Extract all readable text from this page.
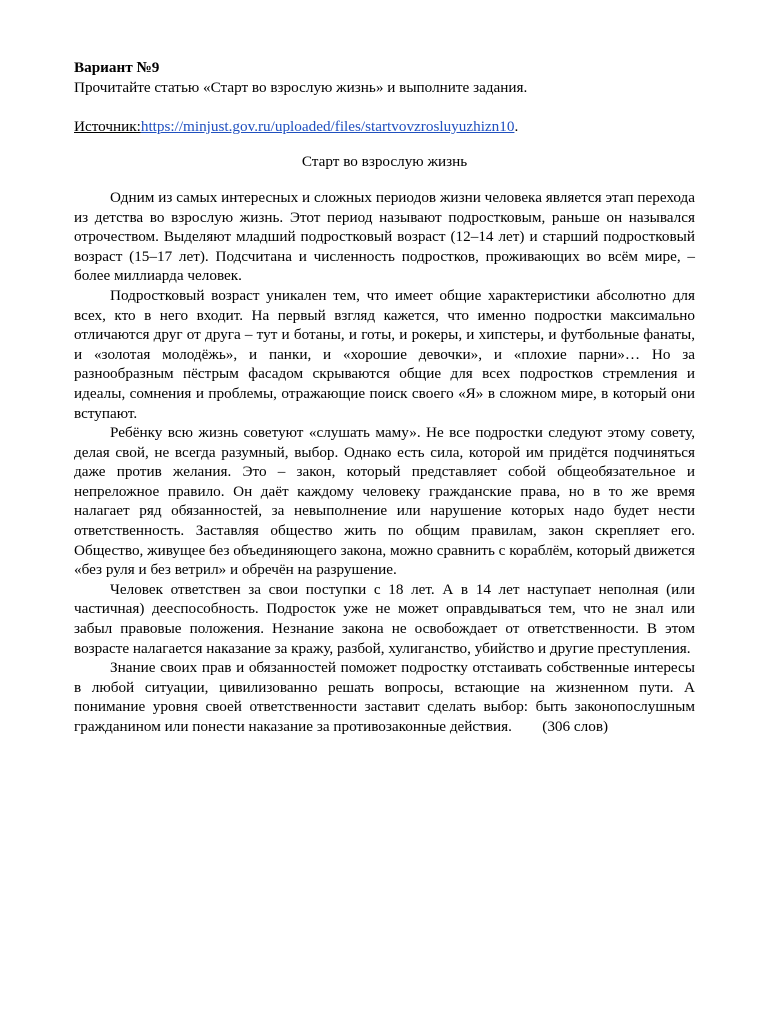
Вариант №9

Прочитайте статью «Старт во взрослую жизнь» и выполните задания.

Источник:https://minjust.gov.ru/uploaded/files/startvovzrosluyuzhizn10.

Старт во взрослую жизнь

Одним из самых интересных и сложных периодов жизни человека является этап перехода из детства во взрослую жизнь. Этот период называют подростковым, раньше он назывался отрочеством. Выделяют младший подростковый возраст (12–14 лет) и старший подростковый возраст (15–17 лет). Подсчитана и численность подростков, проживающих во всём мире, – более миллиарда человек.

Подростковый возраст уникален тем, что имеет общие характеристики абсолютно для всех, кто в него входит. На первый взгляд кажется, что именно подростки максимально отличаются друг от друга – тут и ботаны, и готы, и рокеры, и хипстеры, и футбольные фанаты, и «золотая молодёжь», и панки, и «хорошие девочки», и «плохие парни»… Но за разнообразным пёстрым фасадом скрываются общие для всех подростков стремления и идеалы, сомнения и проблемы, отражающие поиск своего «Я» в сложном мире, в который они вступают.

Ребёнку всю жизнь советуют «слушать маму». Не все подростки следуют этому совету, делая свой, не всегда разумный, выбор. Однако есть сила, которой им придётся подчиняться даже против желания. Это – закон, который представляет собой общеобязательное и непреложное правило. Он даёт каждому человеку гражданские права, но в то же время налагает ряд обязанностей, за невыполнение или нарушение которых надо будет нести ответственность. Заставляя общество жить по общим правилам, закон скрепляет его. Общество, живущее без объединяющего закона, можно сравнить с кораблём, который движется «без руля и без ветрил» и обречён на разрушение.

Человек ответствен за свои поступки с 18 лет. А в 14 лет наступает неполная (или частичная) дееспособность. Подросток уже не может оправдываться тем, что не знал или забыл правовые положения. Незнание закона не освобождает от ответственности. В этом возрасте налагается наказание за кражу, разбой, хулиганство, убийство и другие преступления.

Знание своих прав и обязанностей поможет подростку отстаивать собственные интересы в любой ситуации, цивилизованно решать вопросы, встающие на жизненном пути. А понимание уровня своей ответственности заставит сделать выбор: быть законопослушным гражданином или понести наказание за противозаконные действия. (306 слов)
